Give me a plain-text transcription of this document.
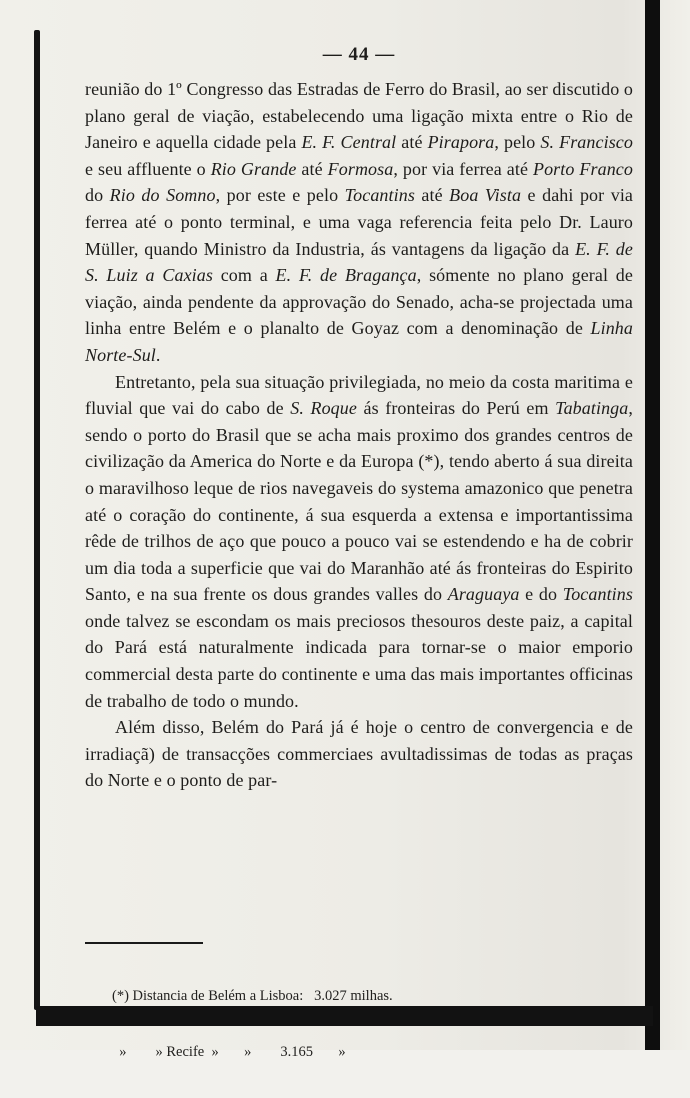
— 44 —

reunião do 1º Congresso das Estradas de Ferro do Brasil, ao ser discutido o plano geral de viação, estabelecendo uma ligação mixta entre o Rio de Janeiro e aquella cidade pela E. F. Central até Pirapora, pelo S. Francisco e seu affluente o Rio Grande até Formosa, por via ferrea até Porto Franco do Rio do Somno, por este e pelo Tocantins até Boa Vista e dahi por via ferrea até o ponto terminal, e uma vaga referencia feita pelo Dr. Lauro Müller, quando Ministro da Industria, ás vantagens da ligação da E. F. de S. Luiz a Caxias com a E. F. de Bragança, sómente no plano geral de viação, ainda pendente da approvação do Senado, acha-se projectada uma linha entre Belém e o planalto de Goyaz com a denominação de Linha Norte-Sul.

Entretanto, pela sua situação privilegiada, no meio da costa maritima e fluvial que vai do cabo de S. Roque ás fronteiras do Perú em Tabatinga, sendo o porto do Brasil que se acha mais proximo dos grandes centros de civilização da America do Norte e da Europa (*), tendo aberto á sua direita o maravilhoso leque de rios navegaveis do systema amazonico que penetra até o coração do continente, á sua esquerda a extensa e importantissima rêde de trilhos de aço que pouco a pouco vai se estendendo e ha de cobrir um dia toda a superficie que vai do Maranhão até ás fronteiras do Espirito Santo, e na sua frente os dous grandes valles do Araguaya e do Tocantins onde talvez se escondam os mais preciosos thesouros deste paiz, a capital do Pará está naturalmente indicada para tornar-se o maior emporio commercial desta parte do continente e uma das mais importantes officinas de trabalho de todo o mundo.

Além disso, Belém do Pará já é hoje o centro de convergencia e de irradiaçã) de transacções commerciaes avultadissimas de todas as praças do Norte e o ponto de par-

(*) Distancia de Belém a Lisboa:   3.027 milhas.

»        » Recife  »       »        3.165       »
